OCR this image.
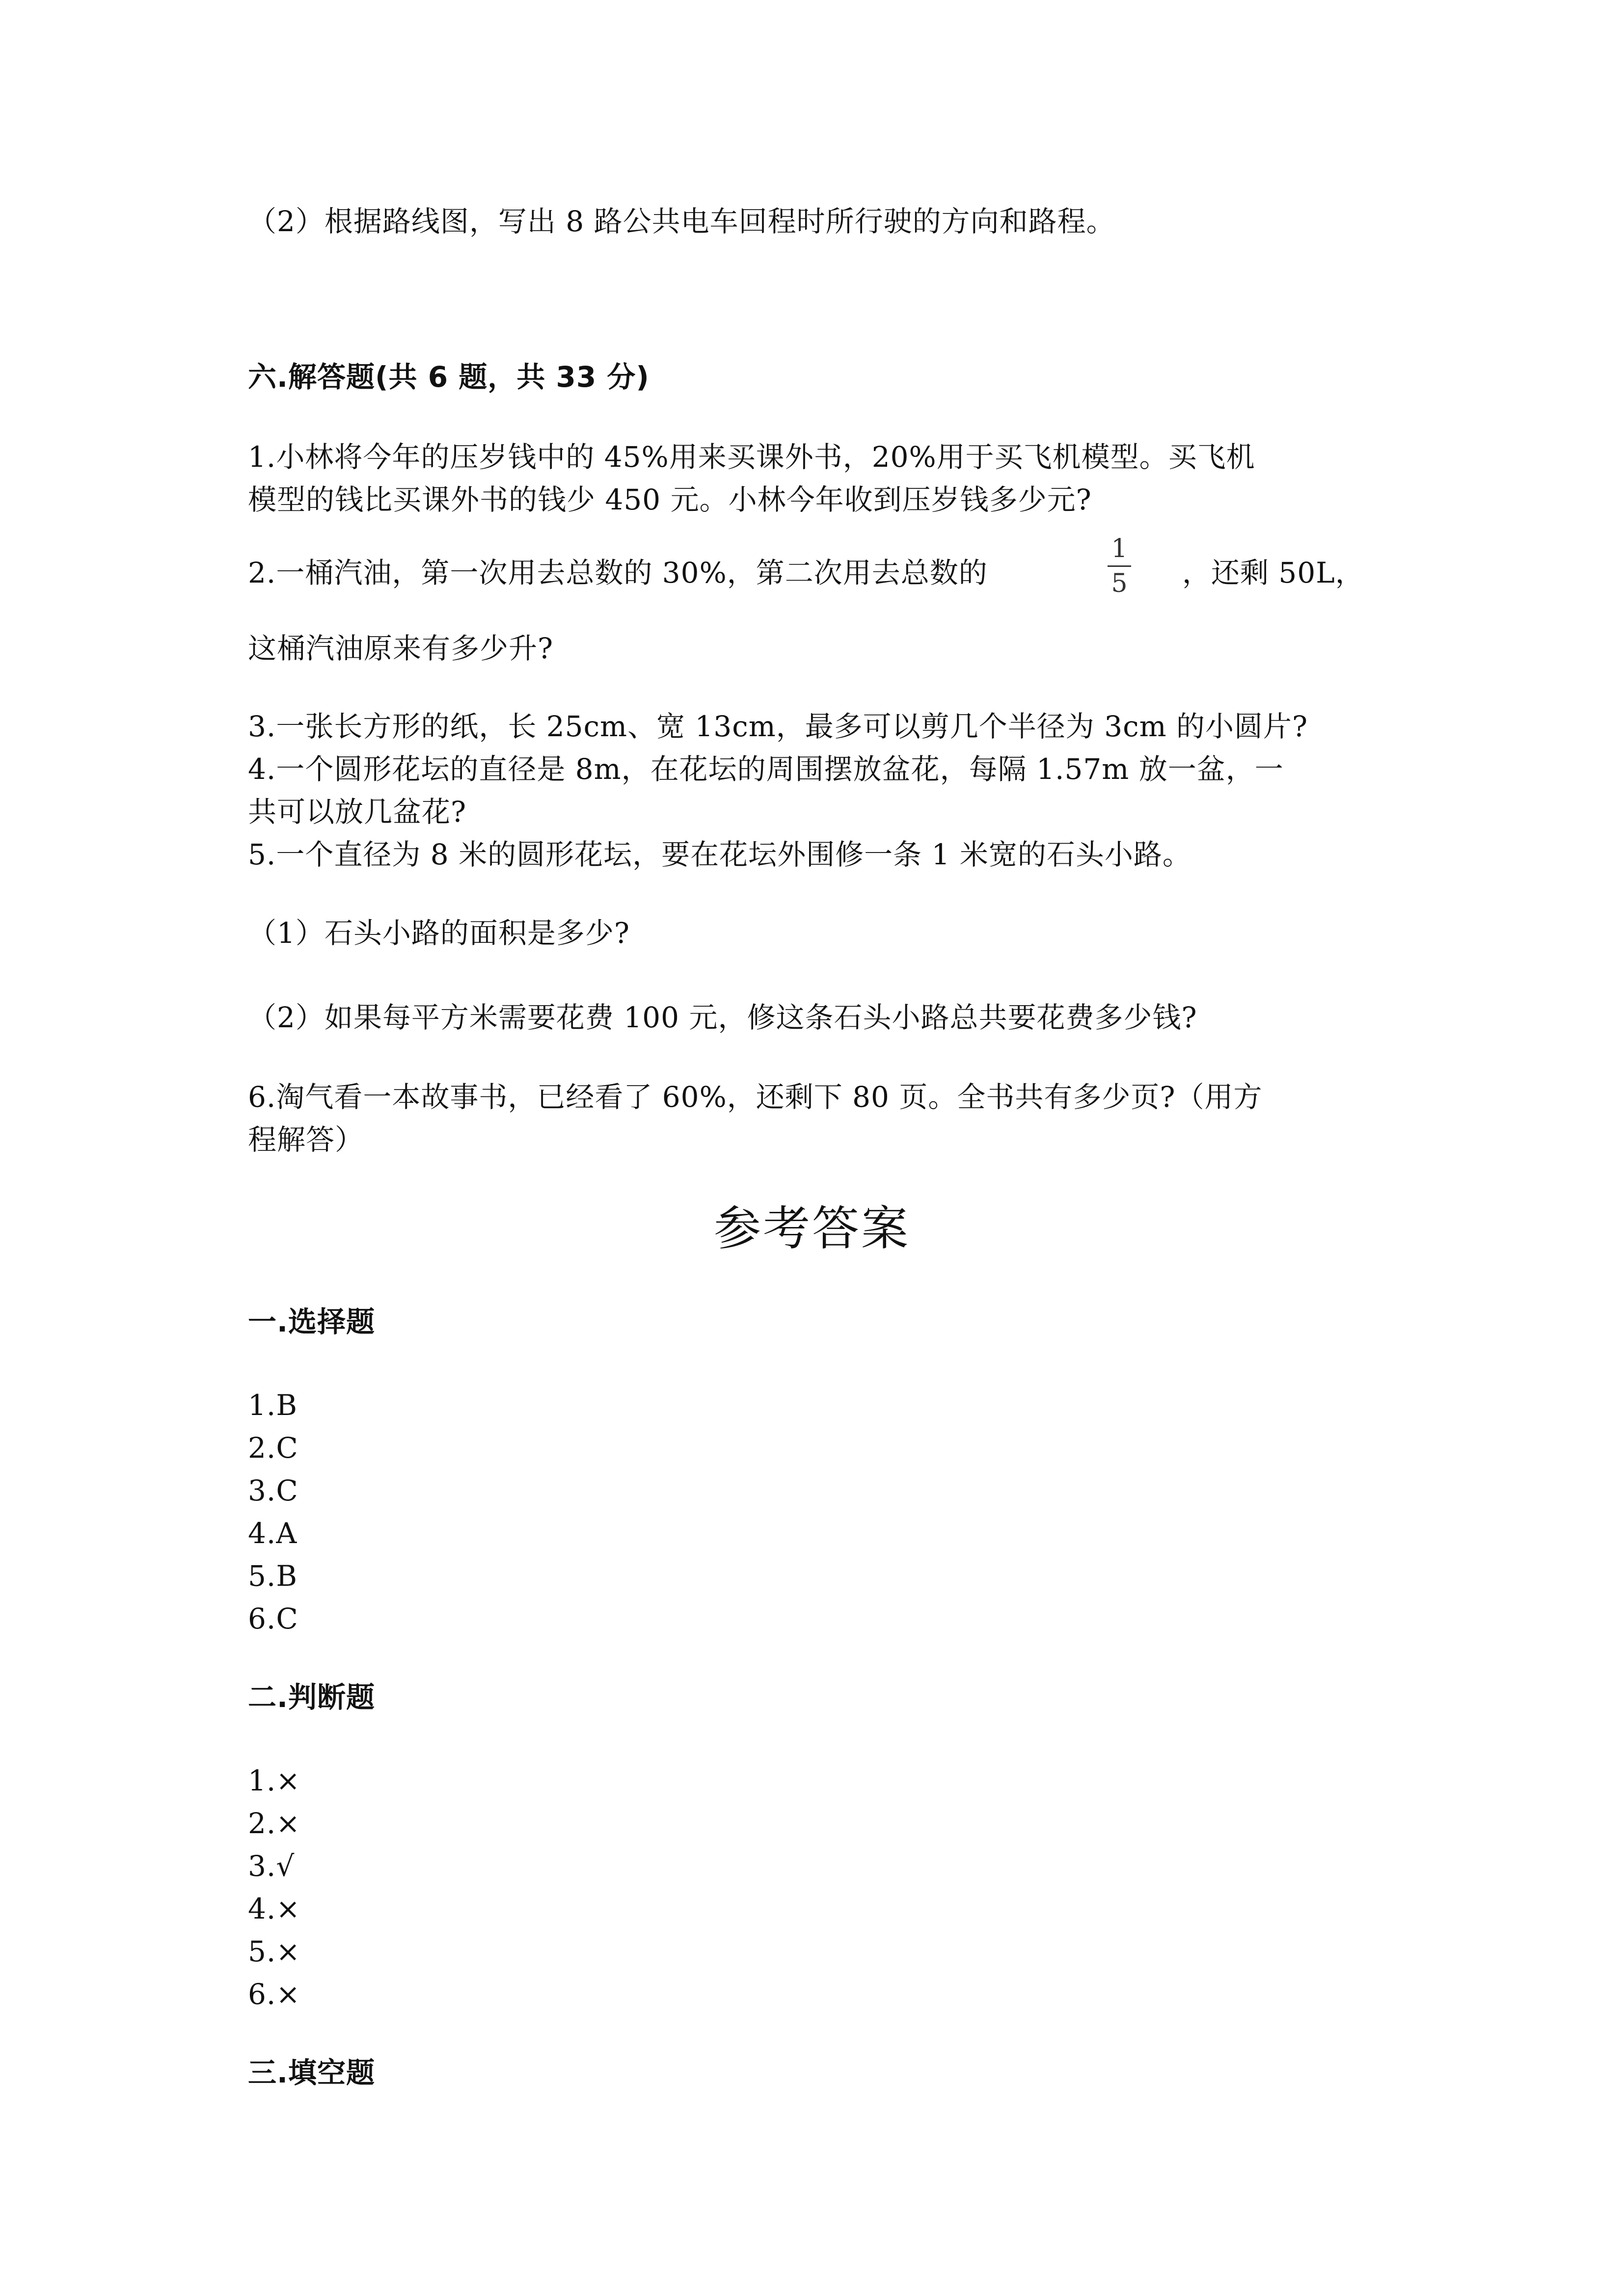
（2）根据路线图，写出 8 路公共电车回程时所行驶的方向和路程。
六.解答题(共 6 题，共 33 分)
1.小林将今年的压岁钱中的 45%用来买课外书，20%用于买飞机模型。买飞机
模型的钱比买课外书的钱少 450 元。小林今年收到压岁钱多少元?
2.一桶汽油，第一次用去总数的 30%，第二次用去总数的
1
5 ，还剩 50L，
这桶汽油原来有多少升?
3.一张长方形的纸，长 25cm、宽 13cm，最多可以剪几个半径为 3cm 的小圆片?
4.一个圆形花坛的直径是 8m，在花坛的周围摆放盆花，每隔 1.57m 放一盆，一
共可以放几盆花?
5.一个直径为 8 米的圆形花坛，要在花坛外围修一条 1 米宽的石头小路。
（1）石头小路的面积是多少?
（2）如果每平方米需要花费 100 元，修这条石头小路总共要花费多少钱?
6.淘气看一本故事书，已经看了 60%，还剩下 80 页。全书共有多少页?（用方
程解答）
参考答案
一.选择题
1.B
2.C
3.C
4.A
5.B
6.C
二.判断题
1.×
2.×
3.√
4.×
5.×
6.×
三.填空题
